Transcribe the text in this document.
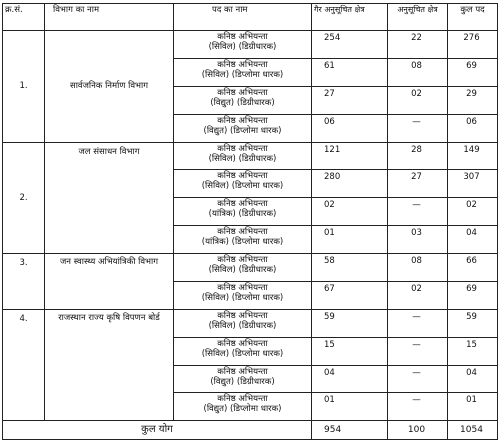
क्र.सं.	विभाग का नाम	पद का नाम	गैर अनुसूचित क्षेत्र	अनुसूचित क्षेत्र	कुल पद
1.	सार्वजनिक निर्माण विभाग	कनिष्ठ अभियन्ता
(सिविल) (डिग्रीधारक)	254	22	276

		कनिष्ठ अभियन्ता
(सिविल) (डिप्लोमा धारक)	61	08	69

		कनिष्ठ अभियन्ता
(विद्युत) (डिग्रीधारक)	27	02	29

		कनिष्ठ अभियन्ता
(विद्युत) (डिप्लोमा धारक)	06	—	06
2.	जल संसाधन विभाग	कनिष्ठ अभियन्ता
(सिविल) (डिग्रीधारक)	121	28	149

		कनिष्ठ अभियन्ता
(सिविल) (डिप्लोमा धारक)	280	27	307

		कनिष्ठ अभियन्ता
(यांत्रिक) (डिग्रीधारक)	02	—	02

		कनिष्ठ अभियन्ता
(यांत्रिक) (डिप्लोमा धारक)	01	03	04
3.	जन स्वास्थ्य अभियांत्रिकी विभाग	कनिष्ठ अभियन्ता
(सिविल) (डिग्रीधारक)	58	08	66

		कनिष्ठ अभियन्ता
(सिविल) (डिप्लोमा धारक)	67	02	69
4.	राजस्थान राज्य कृषि विपणन बोर्ड	कनिष्ठ अभियन्ता
(सिविल) (डिग्रीधारक)	59	—	59

		कनिष्ठ अभियन्ता
(सिविल) (डिप्लोमा धारक)	15	—	15

		कनिष्ठ अभियन्ता
(विद्युत) (डिग्रीधारक)	04	—	04

		कनिष्ठ अभियन्ता
(विद्युत) (डिप्लोमा धारक)	01	—	01
कुल योग			954	100	1054
